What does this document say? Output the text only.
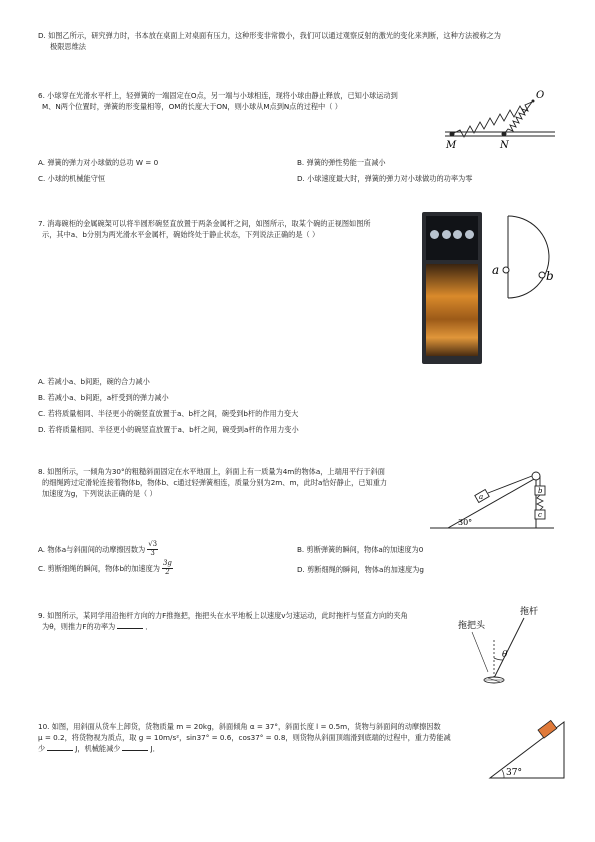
D. 如图乙所示，研究弹力时，书本放在桌面上对桌面有压力，这种形变非常微小，我们可以通过观察反射的激光的变化来判断，这种方法被称之为
极限思维法
6. 小球穿在光滑水平杆上，轻弹簧的一端固定在O点，另一端与小球相连，现将小球由静止释放，已知小球运动到
M、N两个位置时，弹簧的形变量相等，OM的长度大于ON，则小球从M点到N点的过程中（ ）
O
M	N
A. 弹簧的弹力对小球做的总功 W = 0	B. 弹簧的弹性势能一直减小
C. 小球的机械能守恒	D. 小球速度最大时，弹簧的弹力对小球做功的功率为零
7. 消毒碗柜的金属碗架可以将半圆形碗竖直放置于两条金属杆之间，如图所示，取某个碗的正视图如图所
示，其中a、b分别为两光滑水平金属杆，碗始终处于静止状态，下列说法正确的是（ ）
a	b
A. 若减小a、b间距，碗的合力减小
B. 若减小a、b间距，a杆受到的弹力减小
C. 若将质量相同、半径更小的碗竖直放置于a、b杆之间，碗受到b杆的作用力变大
D. 若将质量相同、半径更小的碗竖直放置于a、b杆之间，碗受到a杆的作用力变小
8. 如图所示，一倾角为30°的粗糙斜面固定在水平地面上，斜面上有一质量为4m的物体a，上端用平行于斜面
的细绳跨过定滑轮连接着物体b，物体b、c通过轻弹簧相连，质量分别为2m、m，此时a恰好静止，已知重力
加速度为g，下列说法正确的是（ ）	a
b
c
30°
A. 物体a与斜面间的动摩擦因数为 $\frac{√3}{3}$	B. 剪断弹簧的瞬间，物体a的加速度为0
C. 剪断细绳的瞬间，物体b的加速度为 $\frac{3g}{2}$	D. 剪断细绳的瞬间，物体a的加速度为g
9. 如图所示，某同学用沿拖杆方向的力F推拖把，拖把头在水平地板上以速度v匀速运动，此时拖杆与竖直方向的夹角
为θ，则推力F的功率为	．
拖杆
拖把头
θ
10. 如图，用斜面从货车上卸货，货物质量 m = 20kg，斜面倾角 α = 37°，斜面长度 l = 0.5m，货物与斜面间的动摩擦因数
μ = 0.2，将货物视为质点，取 g = 10m/s²，sin37° = 0.6，cos37° = 0.8，则货物从斜面顶端滑到底端的过程中，重力势能减
少	J，机械能减少	J．
37°
